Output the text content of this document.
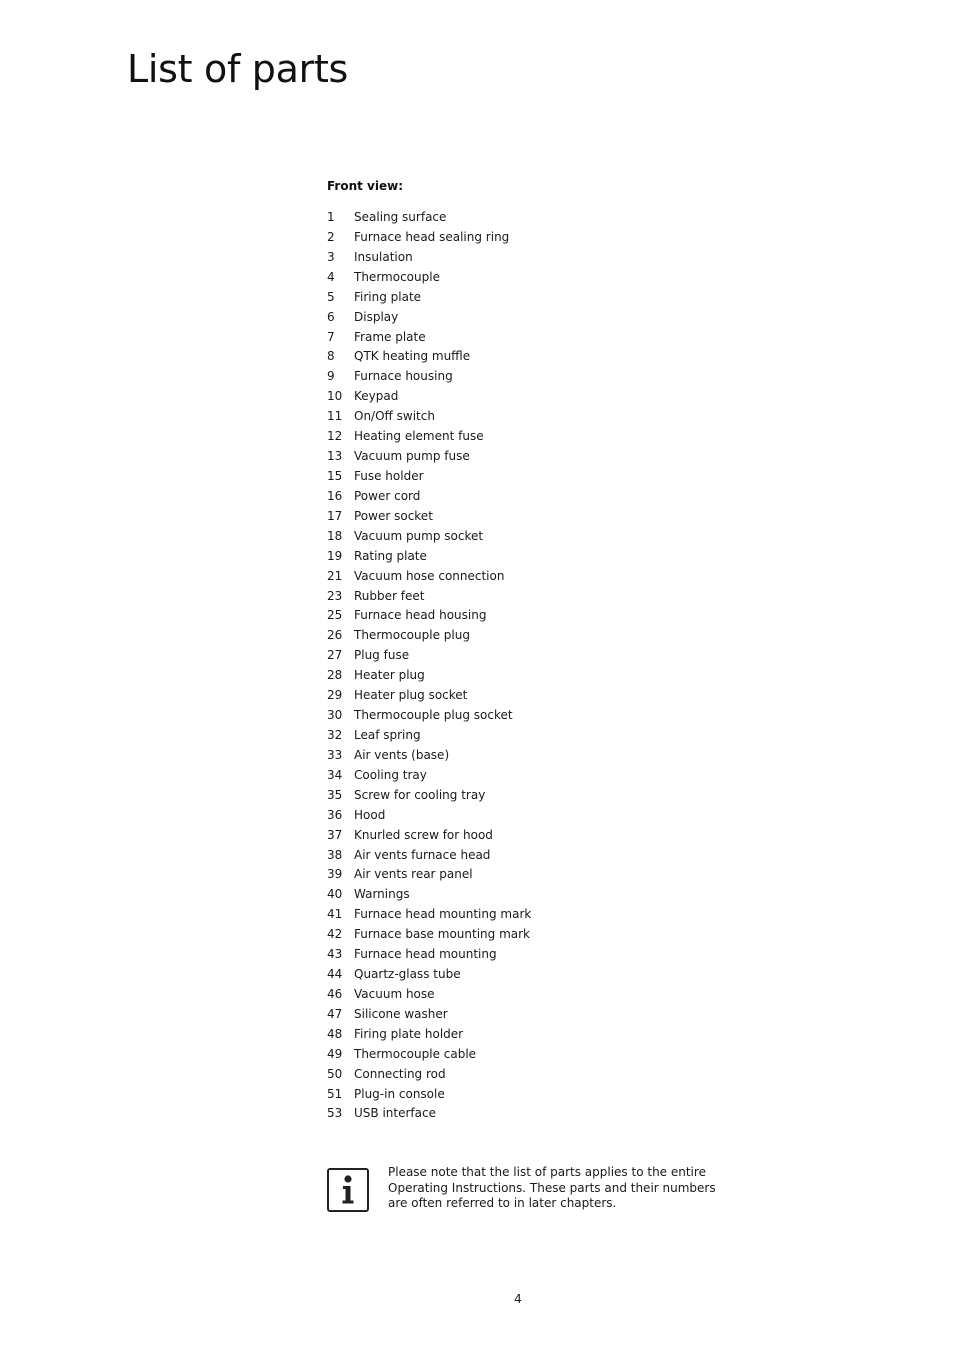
List of parts
Front view:
1 Sealing surface
2 Furnace head sealing ring
3 Insulation
4 Thermocouple
5 Firing plate
6 Display
7 Frame plate
8 QTK heating muffle
9 Furnace housing
10 Keypad
11 On/Off switch
12 Heating element fuse
13 Vacuum pump fuse
15 Fuse holder
16 Power cord
17 Power socket
18 Vacuum pump socket
19 Rating plate
21 Vacuum hose connection
23 Rubber feet
25 Furnace head housing
26 Thermocouple plug
27 Plug fuse
28 Heater plug
29 Heater plug socket
30 Thermocouple plug socket
32 Leaf spring
33 Air vents (base)
34 Cooling tray
35 Screw for cooling tray
36 Hood
37 Knurled screw for hood
38 Air vents furnace head
39 Air vents rear panel
40 Warnings
41 Furnace head mounting mark
42 Furnace base mounting mark
43 Furnace head mounting
44 Quartz-glass tube
46 Vacuum hose
47 Silicone washer
48 Firing plate holder
49 Thermocouple cable
50 Connecting rod
51 Plug-in console
53 USB interface

Please note that the list of parts applies to the entire Operating Instructions. These parts and their numbers are often referred to in later chapters.

4
